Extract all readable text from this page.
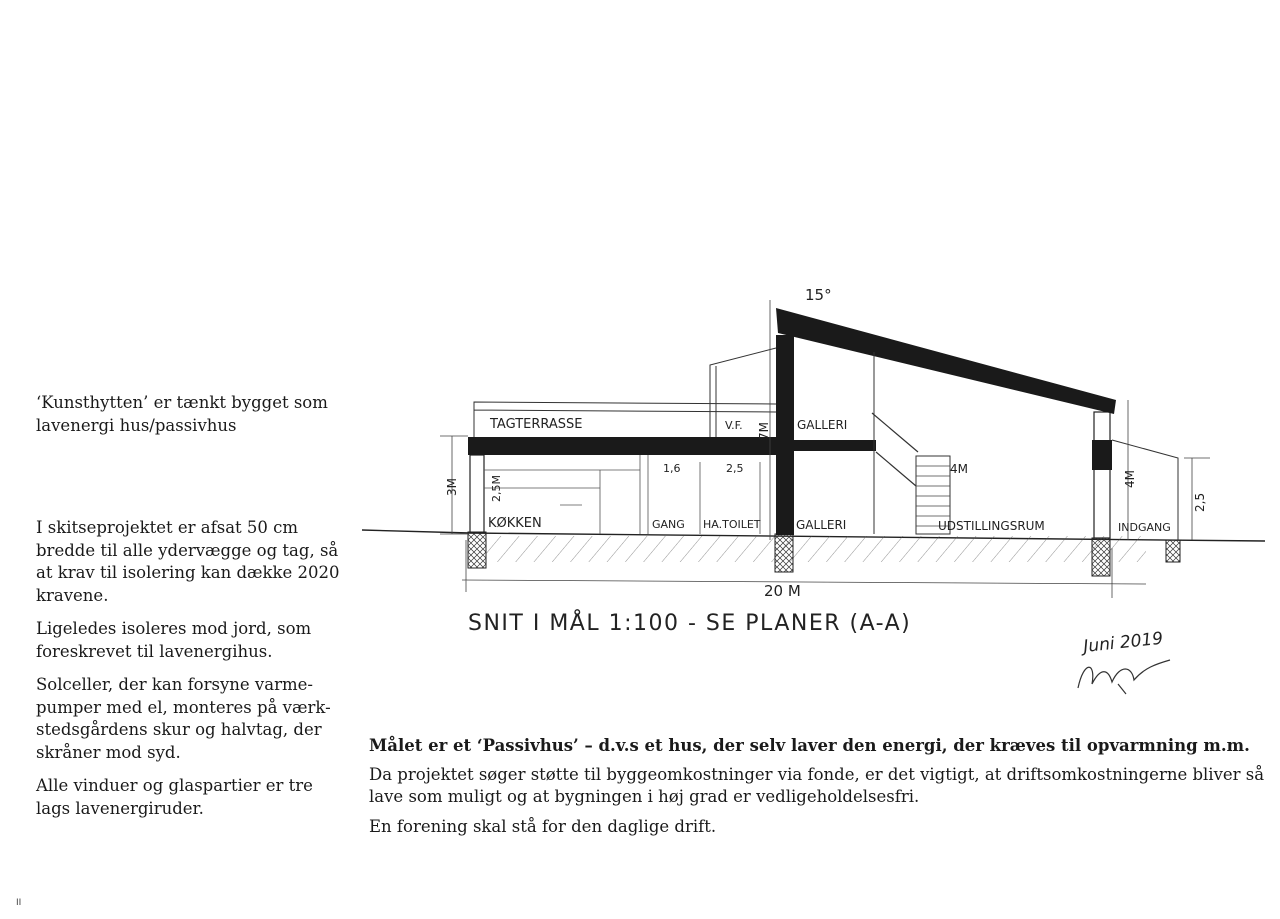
‘Kunsthytten’ er tænkt bygget som lavenergi hus/passivhus

I skitseprojektet er afsat 50 cm bredde til alle ydervægge og tag, så at krav til isolering kan dække 2020 kravene.

Ligeledes isoleres mod jord, som foreskrevet til lavenergihus.

Solceller, der kan forsyne varme-pumper med el, monteres på værk-stedsgårdens skur og halvtag, der skråner mod syd.

Alle vinduer og glaspartier er tre lags lavenergiruder.

Målet er et ‘Passivhus’ – d.v.s et hus, der selv laver den energi, der kræves til opvarmning m.m.

Da projektet søger støtte til byggeomkostninger via fonde, er det vigtigt, at driftsomkostningerne bliver så lave som muligt og at bygningen i høj grad er vedligeholdelsesfri.

En forening skal stå for den daglige drift.

II
15°
TAGTERRASSE	V.F.	GALLERI
KØKKEN	GANG HA.TOILET	GALLERI	UDSTILLINGSRUM	INDGANG
3M	2,5M
1,6	2,5
7M
4M
4M
2,5
20 M
SNIT I MÅL 1:100 - SE PLANER (A-A)
Juni 2019
